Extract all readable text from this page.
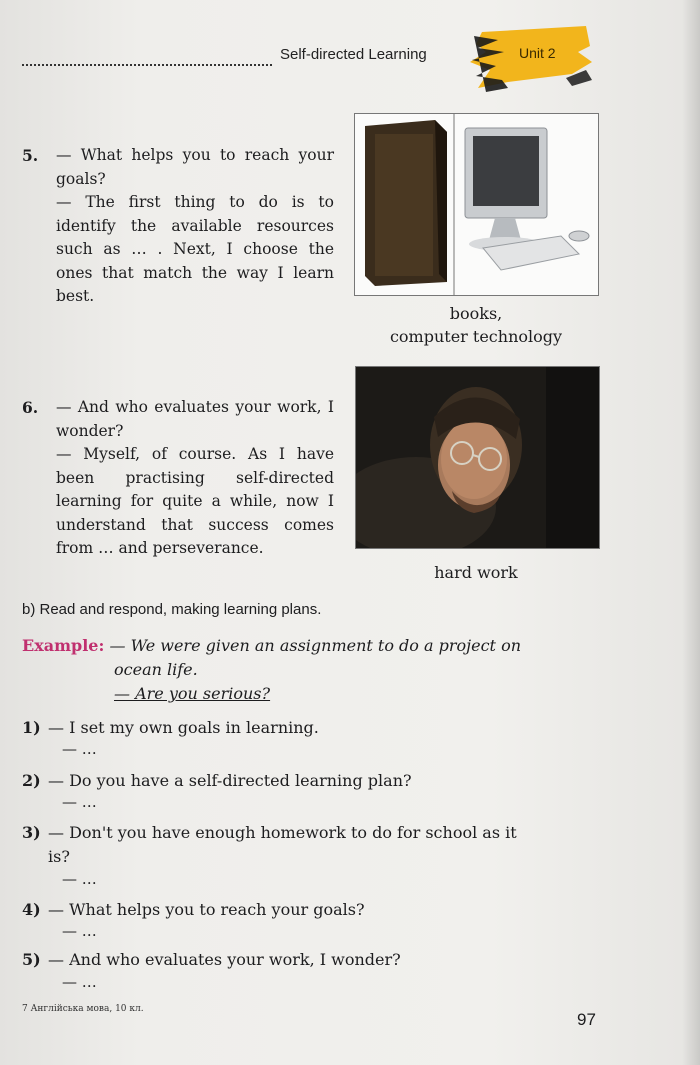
Self-directed Learning	Unit 2
5. — What helps you to reach your goals?

— The first thing to do is to identify the available resources such as … . Next, I choose the ones that match the way I learn best.

books,
computer technology
6. — And who evaluates your work, I wonder?

— Myself, of course. As I have been practising self-directed learning for quite a while, now I understand that success comes from … and perseverance.

hard work
b) Read and respond, making learning plans.
Example: — We were given an assignment to do a project on
ocean life.
— Are you serious?
1) — I set my own goals in learning.
— …
2) — Do you have a self-directed learning plan?
— …
3) — Don't you have enough homework to do for school as it
is?
— …
4) — What helps you to reach your goals?
— …
5) — And who evaluates your work, I wonder?
— …
7 Англійська мова, 10 кл.
97
